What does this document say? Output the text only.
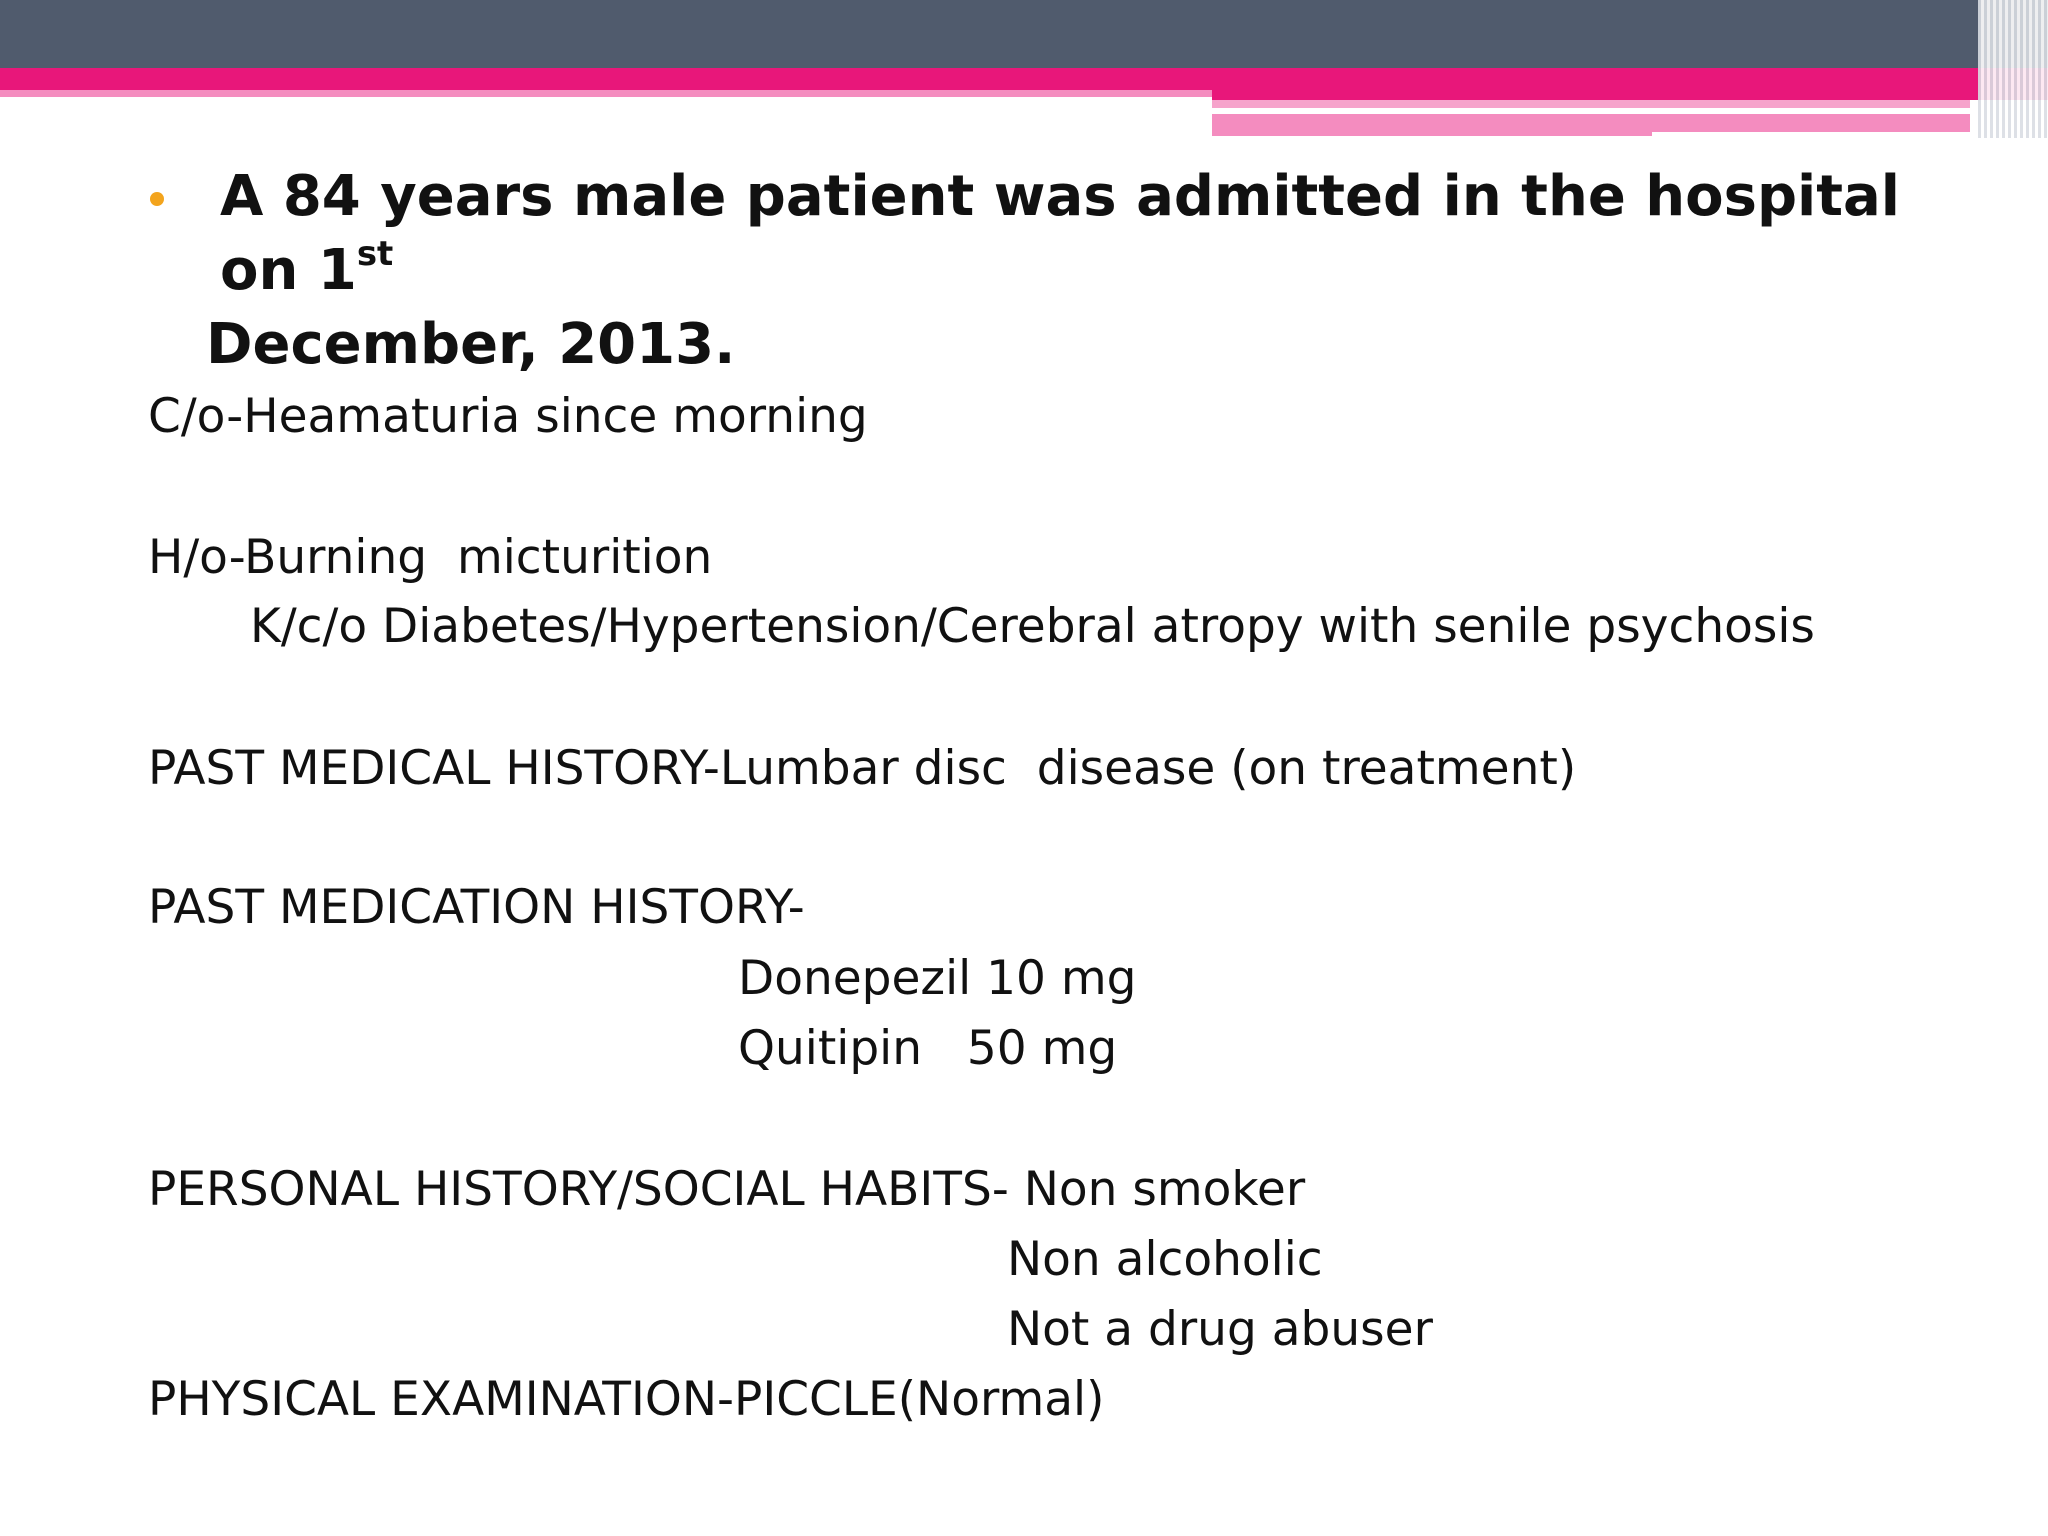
A 84 years male patient was admitted in the hospital on 1st
December, 2013.
C/o-Heamaturia since morning
H/o-Burning  micturition
K/c/o Diabetes/Hypertension/Cerebral atropy with senile psychosis
PAST MEDICAL HISTORY-Lumbar disc  disease (on treatment)
PAST MEDICATION HISTORY-
Donepezil 10 mg
Quitipin   50 mg
PERSONAL HISTORY/SOCIAL HABITS- Non smoker
Non alcoholic
Not a drug abuser
PHYSICAL EXAMINATION-PICCLE(Normal)
